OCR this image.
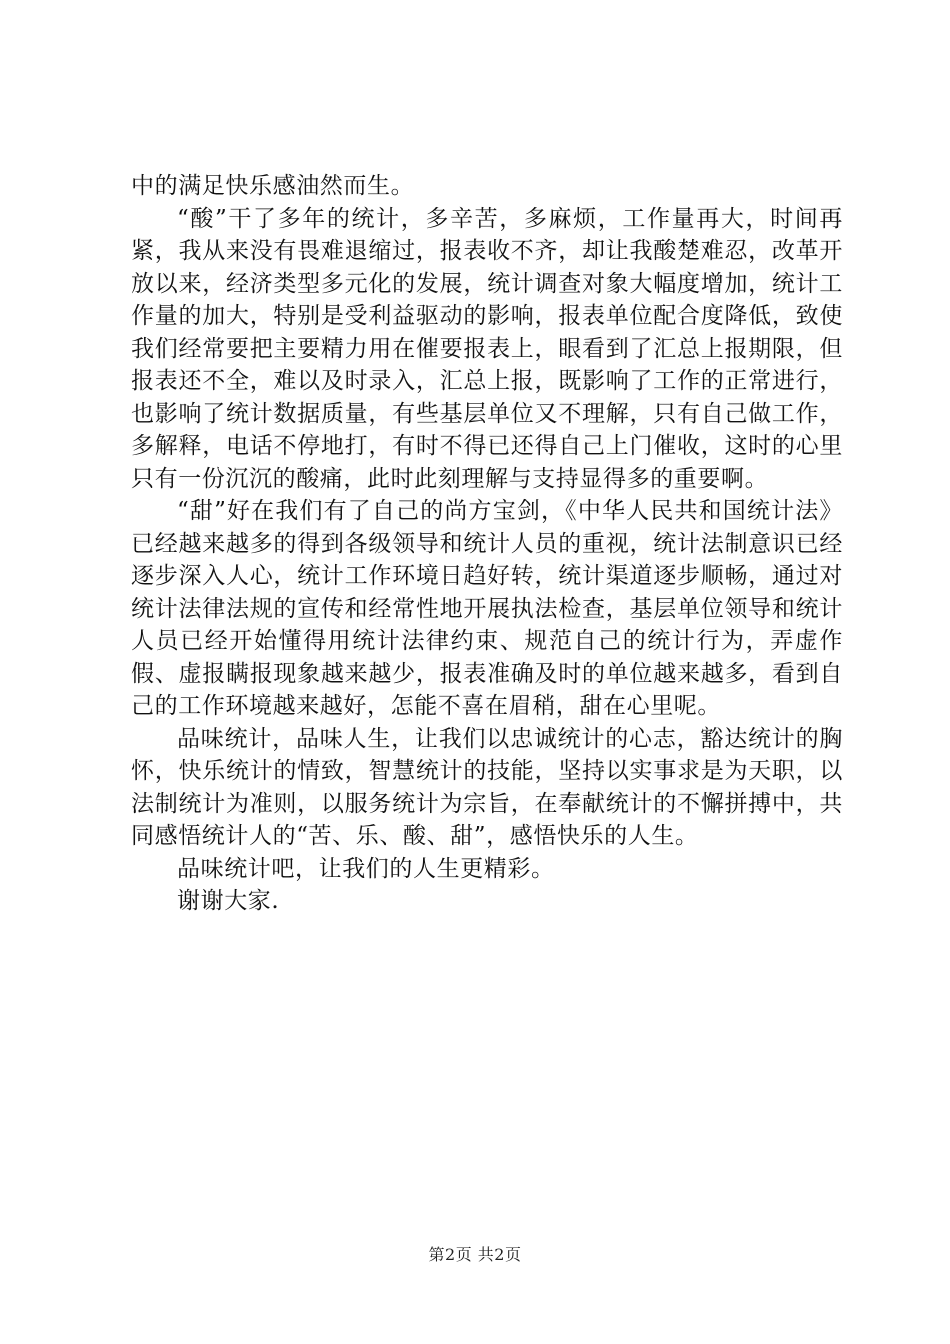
中的满足快乐感油然而生。

“酸”干了多年的统计，多辛苦，多麻烦，工作量再大，时间再紧，我从来没有畏难退缩过，报表收不齐，却让我酸楚难忍，改革开放以来，经济类型多元化的发展，统计调查对象大幅度增加，统计工作量的加大，特别是受利益驱动的影响，报表单位配合度降低，致使我们经常要把主要精力用在催要报表上，眼看到了汇总上报期限，但报表还不全，难以及时录入，汇总上报，既影响了工作的正常进行，也影响了统计数据质量，有些基层单位又不理解，只有自己做工作，多解释，电话不停地打，有时不得已还得自己上门催收，这时的心里只有一份沉沉的酸痛，此时此刻理解与支持显得多的重要啊。

“甜”好在我们有了自己的尚方宝剑，《中华人民共和国统计法》已经越来越多的得到各级领导和统计人员的重视，统计法制意识已经逐步深入人心，统计工作环境日趋好转，统计渠道逐步顺畅，通过对统计法律法规的宣传和经常性地开展执法检查，基层单位领导和统计人员已经开始懂得用统计法律约束、规范自己的统计行为，弄虚作假、虚报瞒报现象越来越少，报表准确及时的单位越来越多，看到自己的工作环境越来越好，怎能不喜在眉稍，甜在心里呢。

品味统计，品味人生，让我们以忠诚统计的心志，豁达统计的胸怀，快乐统计的情致，智慧统计的技能，坚持以实事求是为天职，以法制统计为准则，以服务统计为宗旨，在奉献统计的不懈拼搏中，共同感悟统计人的“苦、乐、酸、甜”，感悟快乐的人生。

品味统计吧，让我们的人生更精彩。

谢谢大家.

第2页 共2页
